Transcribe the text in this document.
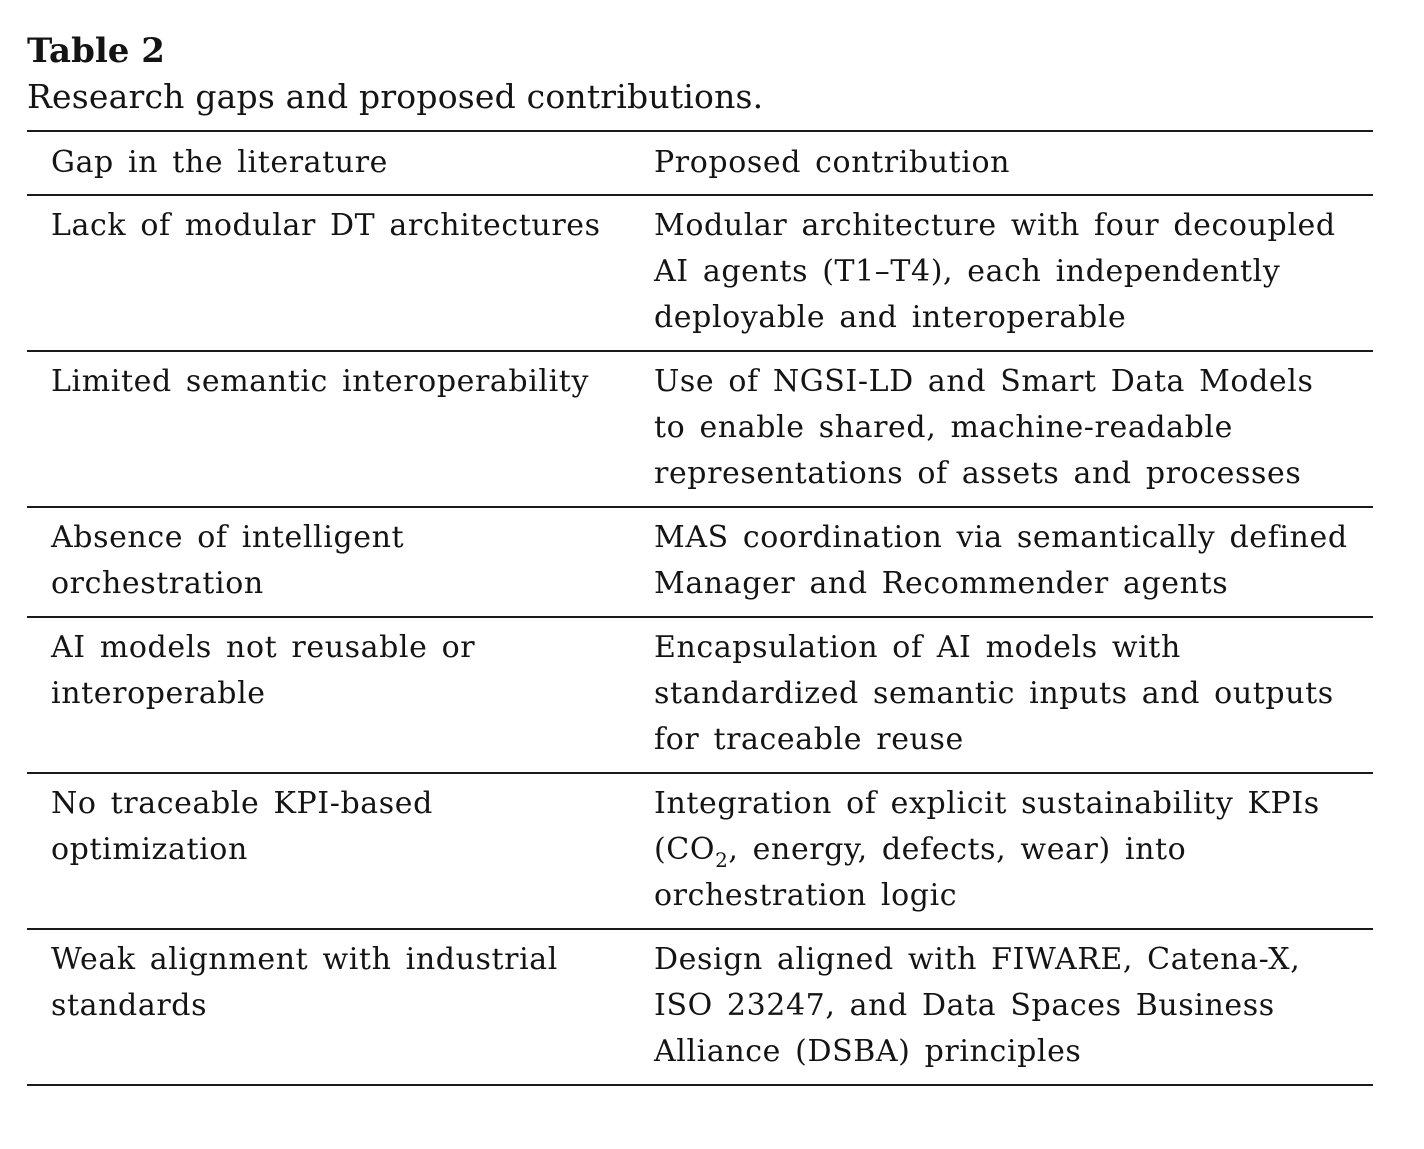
Table 2
Research gaps and proposed contributions.
Gap in the literature	Proposed contribution
Lack of modular DT architectures	Modular architecture with four decoupled AI agents (T1–T4), each independently deployable and interoperable
Limited semantic interoperability	Use of NGSI-LD and Smart Data Models to enable shared, machine-readable representations of assets and processes
Absence of intelligent orchestration	MAS coordination via semantically defined Manager and Recommender agents
AI models not reusable or interoperable	Encapsulation of AI models with standardized semantic inputs and outputs for traceable reuse
No traceable KPI-based optimization	Integration of explicit sustainability KPIs ($CO_2$, energy, defects, wear) into orchestration logic
Weak alignment with industrial standards	Design aligned with FIWARE, Catena-X, ISO 23247, and Data Spaces Business Alliance (DSBA) principles
